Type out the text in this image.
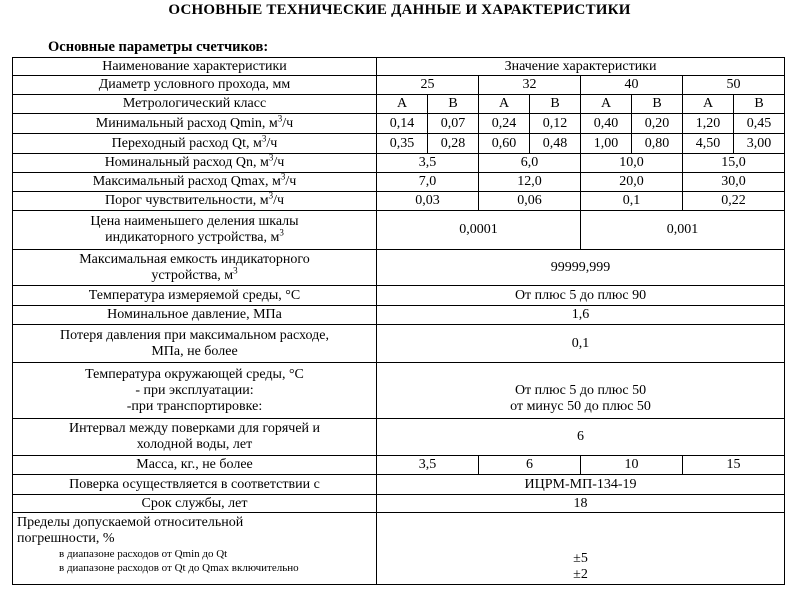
ОСНОВНЫЕ ТЕХНИЧЕСКИЕ ДАННЫЕ И ХАРАКТЕРИСТИКИ
Основные параметры счетчиков:
Наименование характеристики	Значение характеристики							
Диаметр условного прохода, мм	25		32		40		50	
Метрологический класс	A	B	A	B	A	B	A	B
Минимальный расход Qmin, $м^3/ч$	0,14	0,07	0,24	0,12	0,40	0,20	1,20	0,45
Переходный расход Qt, $м^3/ч$	0,35	0,28	0,60	0,48	1,00	0,80	4,50	3,00
Номинальный расход Qn, $м^3/ч$	3,5		6,0		10,0		15,0	
Максимальный расход Qmax, $м^3/ч$	7,0		12,0		20,0		30,0	
Порог чувствительности, $м^3/ч$	0,03		0,06		0,1		0,22	
Цена наименьшего деления шкалы
индикаторного устройства, $м^3$	0,0001				0,001			
Максимальная емкость индикаторного
устройства, $м^3$	99999,999							
Температура измеряемой среды, °С	От плюс 5 до плюс 90							
Номинальное давление, МПа	1,6							
Потеря давления при максимальном расходе,
МПа, не более	0,1							
Температура окружающей среды, °С
- при эксплуатации:
-при транспортировке:	От плюс 5 до плюс 50
от минус 50 до плюс 50							
Интервал между поверками для горячей и
холодной воды, лет	6							
Масса, кг., не более	3,5		6		10		15	
Поверка осуществляется в соответствии с	ИЦРМ-МП-134-19							
Срок службы, лет	18							
Пределы допускаемой относительной
погрешности, %
в диапазоне расходов от Qmin до Qt
в диапазоне расходов от Qt до Qmax включительно	±5
±2							
